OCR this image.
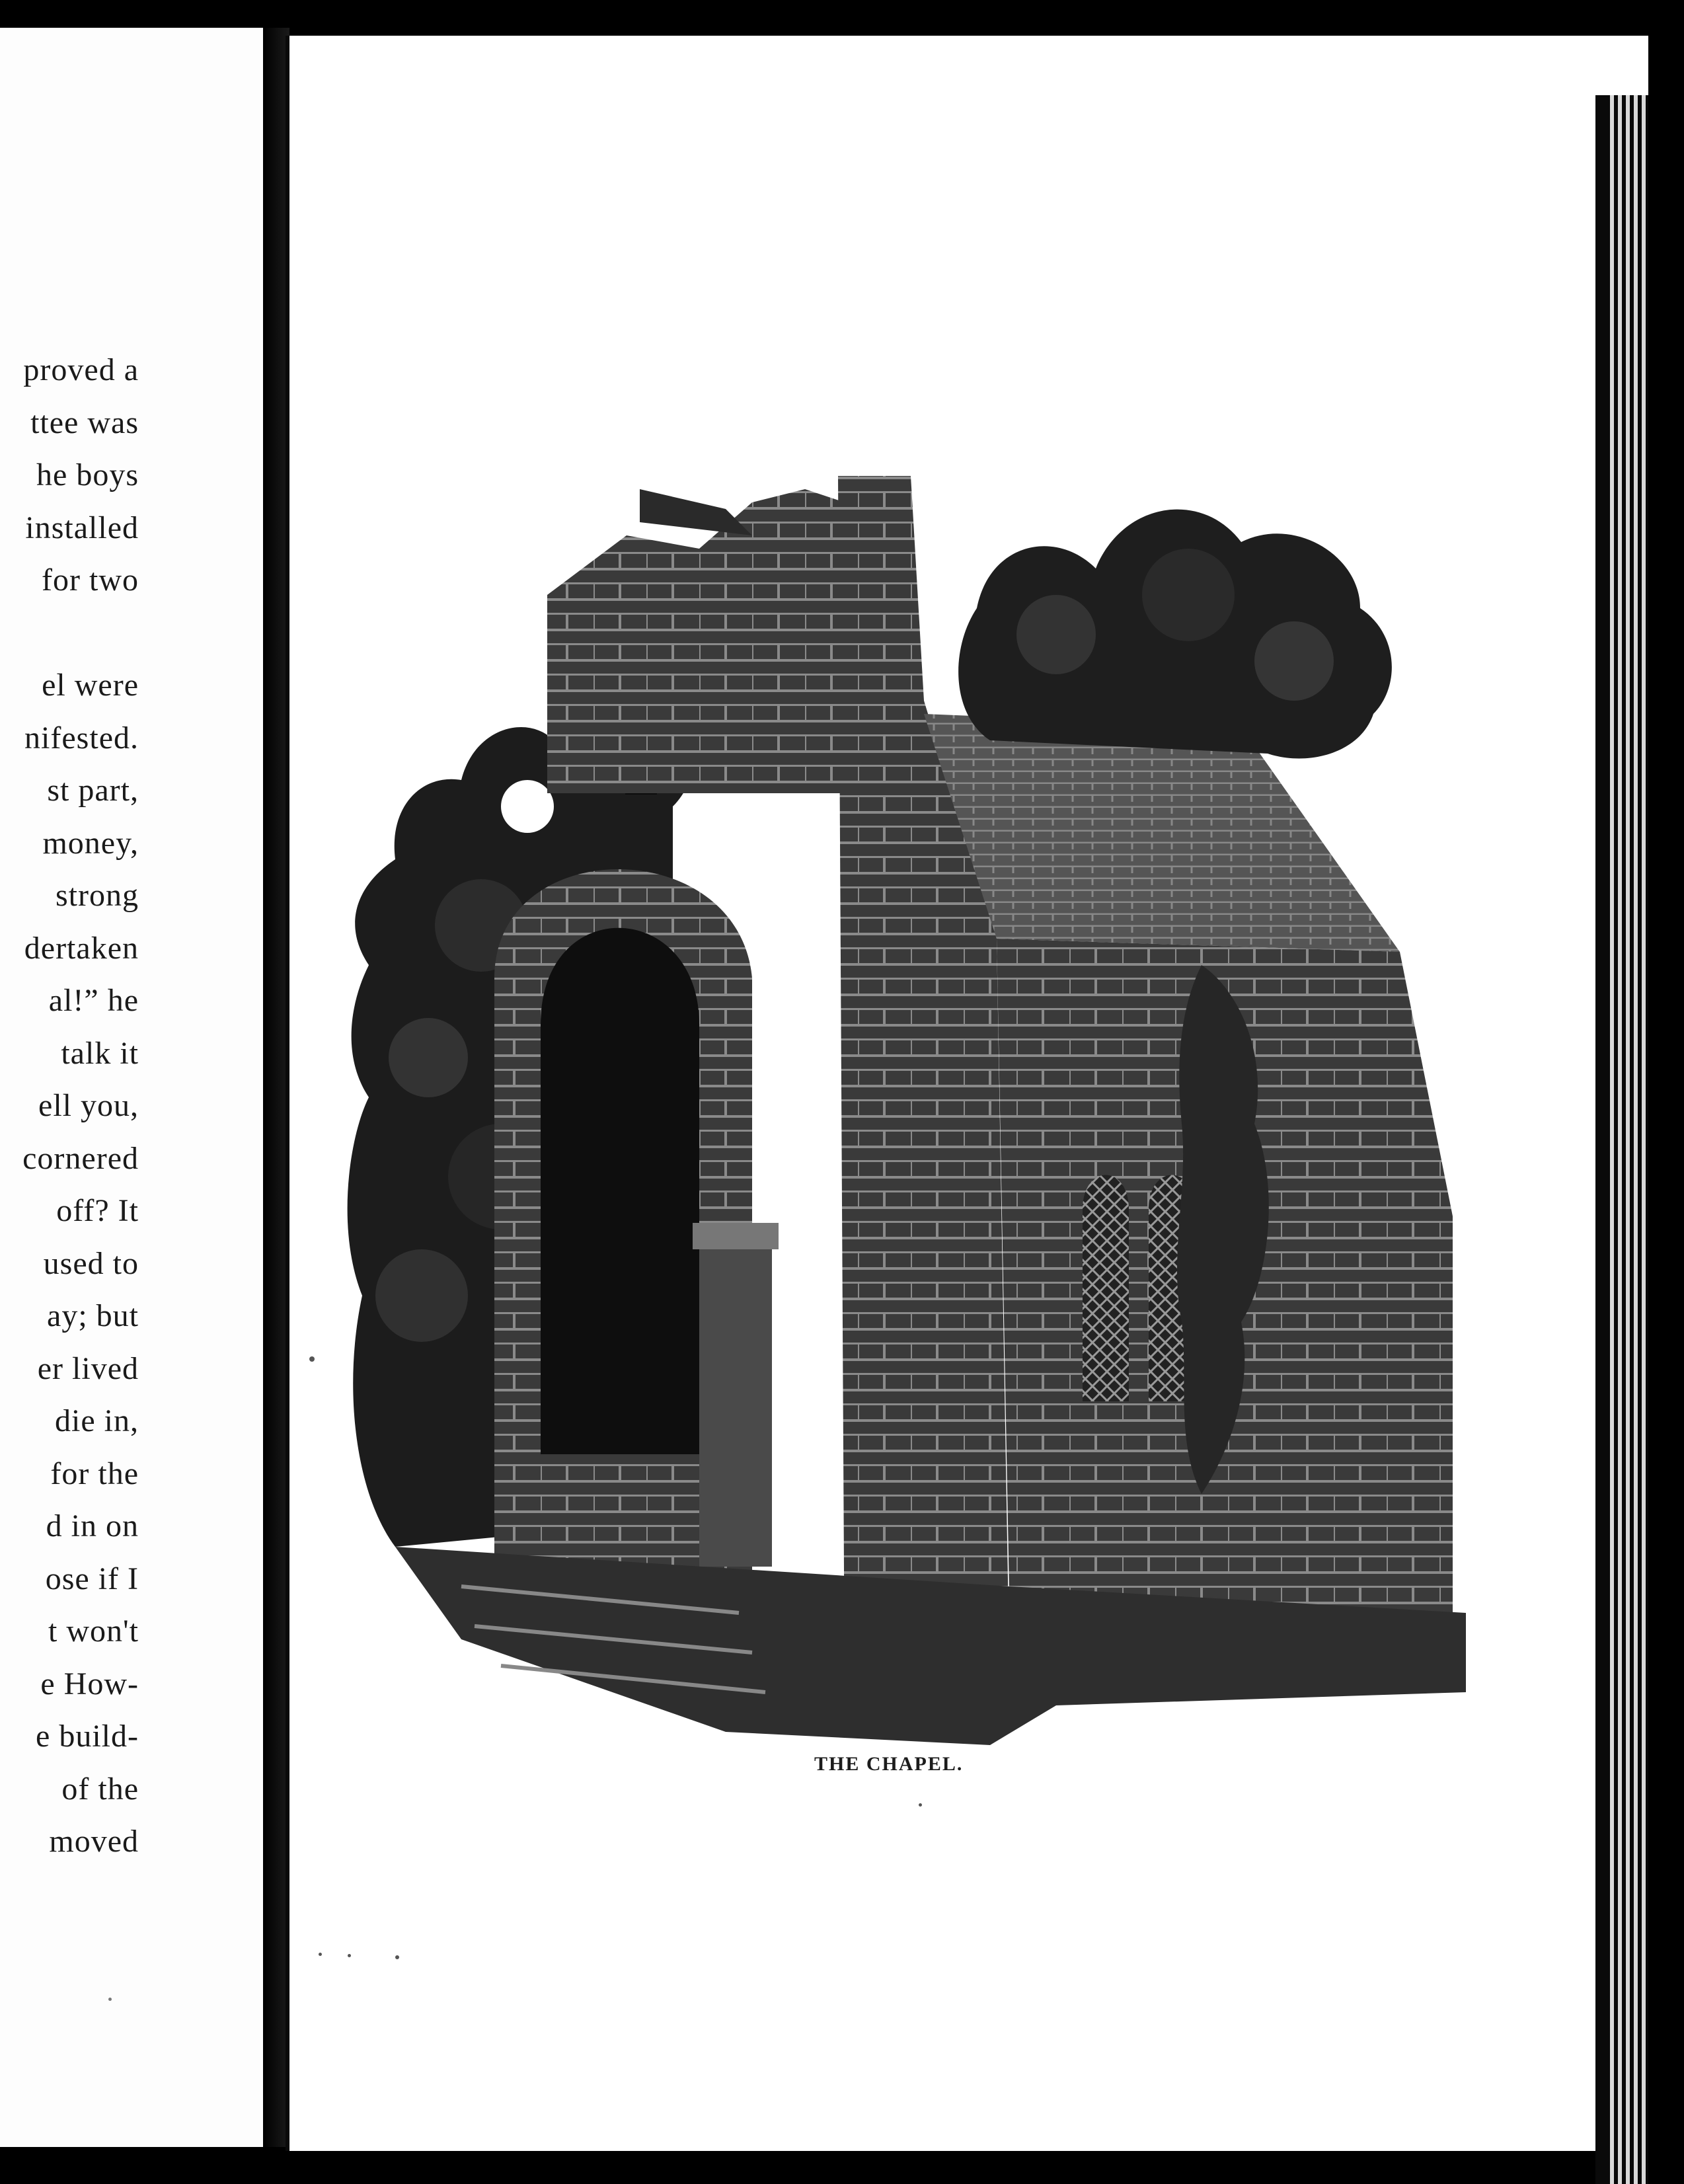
proved a
ttee was
he boys
installed
for two
el were
nifested.
st part,
money,
strong
dertaken
al!” he
talk it
ell you,
cornered
off? It
used to
ay; but
er lived
die in,
for the
d in on
ose if I
t won't
e How-
e build-
of the
moved
THE CHAPEL.
